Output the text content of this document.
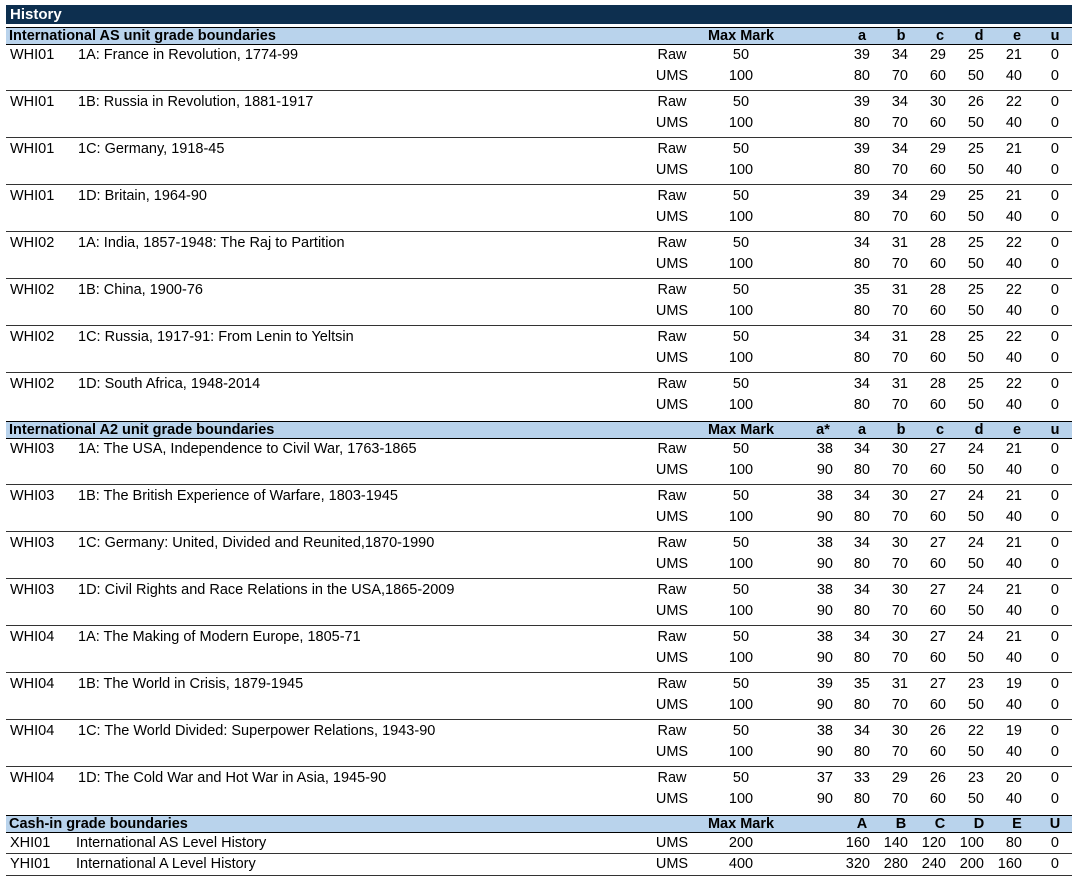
History
International AS unit grade boundaries	Max Mark	a b c d e u
WHI01 1A: France in Revolution, 1774-99	Raw	50	39 34 29 25 21 0
UMS	100	80 70 60 50 40 0
WHI01 1B: Russia in Revolution, 1881-1917	Raw	50	39 34 30 26 22 0
UMS	100	80 70 60 50 40 0
WHI01 1C: Germany, 1918-45	Raw	50	39 34 29 25 21 0
UMS	100	80 70 60 50 40 0
WHI01 1D: Britain, 1964-90	Raw	50	39 34 29 25 21 0
UMS	100	80 70 60 50 40 0
WHI02 1A: India, 1857-1948: The Raj to Partition	Raw	50	34 31 28 25 22 0
UMS	100	80 70 60 50 40 0
WHI02 1B: China, 1900-76	Raw	50	35 31 28 25 22 0
UMS	100	80 70 60 50 40 0
WHI02 1C: Russia, 1917-91: From Lenin to Yeltsin	Raw	50	34 31 28 25 22 0
UMS	100	80 70 60 50 40 0
WHI02 1D: South Africa, 1948-2014	Raw	50	34 31 28 25 22 0
UMS	100	80 70 60 50 40 0
International A2 unit grade boundaries	Max Mark	a* a b c d e u
WHI03 1A: The USA, Independence to Civil War, 1763-1865	Raw	50	38 34 30 27 24 21 0
UMS	100	90 80 70 60 50 40 0
WHI03 1B: The British Experience of Warfare, 1803-1945	Raw	50	38 34 30 27 24 21 0
UMS	100	90 80 70 60 50 40 0
WHI03 1C: Germany: United, Divided and Reunited,1870-1990	Raw	50	38 34 30 27 24 21 0
UMS	100	90 80 70 60 50 40 0
WHI03 1D: Civil Rights and Race Relations in the USA,1865-2009	Raw	50	38 34 30 27 24 21 0
UMS	100	90 80 70 60 50 40 0
WHI04 1A: The Making of Modern Europe, 1805-71	Raw	50	38 34 30 27 24 21 0
UMS	100	90 80 70 60 50 40 0
WHI04 1B: The World in Crisis, 1879-1945	Raw	50	39 35 31 27 23 19 0
UMS	100	90 80 70 60 50 40 0
WHI04 1C: The World Divided: Superpower Relations, 1943-90	Raw	50	38 34 30 26 22 19 0
UMS	100	90 80 70 60 50 40 0
WHI04 1D: The Cold War and Hot War in Asia, 1945-90	Raw	50	37 33 29 26 23 20 0
UMS	100	90 80 70 60 50 40 0
Cash-in grade boundaries	Max Mark	A B C D E U
XHI01 International AS Level History	UMS	200	160 140 120 100 80 0
YHI01 International A Level History	UMS	400	320 280 240 200 160 0
